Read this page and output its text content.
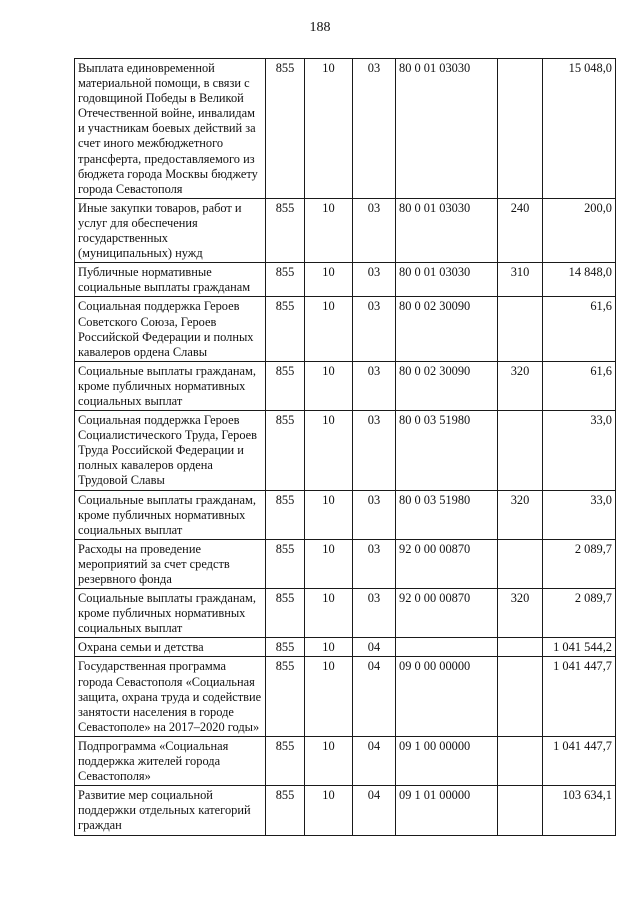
188
Выплата единовременной материальной помощи, в связи с годовщиной Победы в Великой Отечественной войне, инвалидам и участникам боевых действий за счет иного межбюджетного трансферта, предоставляемого из бюджета города Москвы бюджету города Севастополя	855	10	03	80 0 01 03030		15 048,0
Иные закупки товаров, работ и услуг для обеспечения государственных (муниципальных) нужд	855	10	03	80 0 01 03030	240	200,0
Публичные нормативные социальные выплаты гражданам	855	10	03	80 0 01 03030	310	14 848,0
Социальная поддержка Героев Советского Союза, Героев Российской Федерации и полных кавалеров ордена Славы	855	10	03	80 0 02 30090		61,6
Социальные выплаты гражданам, кроме публичных нормативных социальных выплат	855	10	03	80 0 02 30090	320	61,6
Социальная поддержка Героев Социалистического Труда, Героев Труда Российской Федерации и полных кавалеров ордена Трудовой Славы	855	10	03	80 0 03 51980		33,0
Социальные выплаты гражданам, кроме публичных нормативных социальных выплат	855	10	03	80 0 03 51980	320	33,0
Расходы на проведение мероприятий за счет средств резервного фонда	855	10	03	92 0 00 00870		2 089,7
Социальные выплаты гражданам, кроме публичных нормативных социальных выплат	855	10	03	92 0 00 00870	320	2 089,7
Охрана семьи и детства	855	10	04			1 041 544,2
Государственная программа города Севастополя «Социальная защита, охрана труда и содействие занятости населения в городе Севастополе» на 2017–2020 годы»	855	10	04	09 0 00 00000		1 041 447,7
Подпрограмма «Социальная поддержка жителей города Севастополя»	855	10	04	09 1 00 00000		1 041 447,7
Развитие мер социальной поддержки отдельных категорий граждан	855	10	04	09 1 01 00000		103 634,1
